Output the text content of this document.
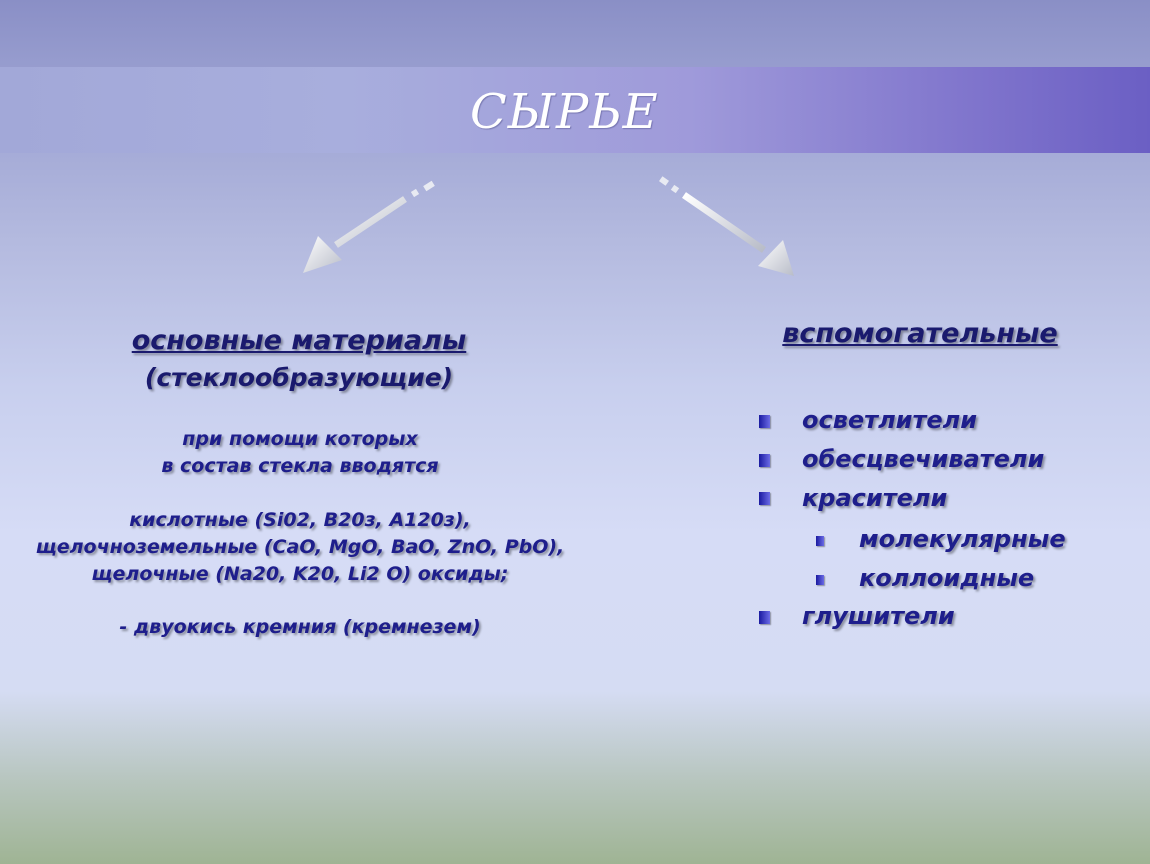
СЫРЬЕ
основные материалы
(стеклообразующие)
при помощи которых
в состав стекла вводятся
кислотные (Si02, B20з, A120з),
щелочноземельные (CaO, MgO, BaO, ZnO, PbO),
щелочные (Na20, K20, Li2 O) оксиды;
- двуокись кремния (кремнезем)
вспомогательные
осветлители
обесцвечиватели
красители
молекулярные
коллоидные
глушители
